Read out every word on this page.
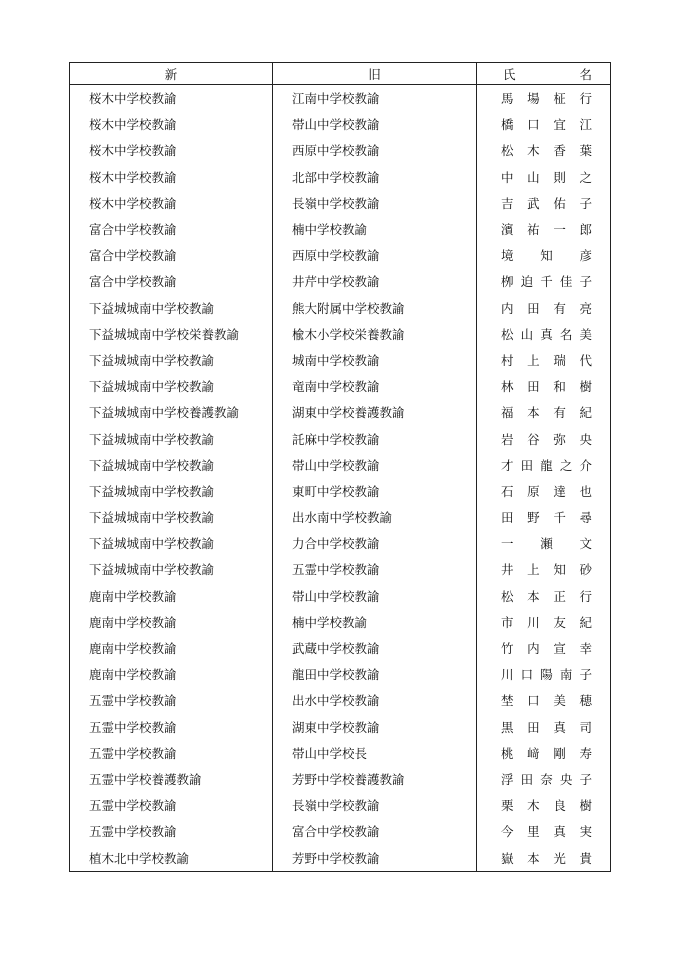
新	旧	氏 名

桜木中学校教諭	江南中学校教諭	馬 場 柾 行

桜木中学校教諭	帯山中学校教諭	橋 口 宜 江

桜木中学校教諭	西原中学校教諭	松 木 香 葉

桜木中学校教諭	北部中学校教諭	中 山 則 之

桜木中学校教諭	長嶺中学校教諭	吉 武 佑 子

富合中学校教諭	楠中学校教諭	濱 祐 一 郎

富合中学校教諭	西原中学校教諭	境 知 彦

富合中学校教諭	井芹中学校教諭	栁 迫 千 佳 子

下益城城南中学校教諭	熊大附属中学校教諭	内 田 有 亮

下益城城南中学校栄養教諭	楡木小学校栄養教諭	松 山 真 名 美

下益城城南中学校教諭	城南中学校教諭	村 上 瑞 代

下益城城南中学校教諭	竜南中学校教諭	林 田 和 樹

下益城城南中学校養護教諭	湖東中学校養護教諭	福 本 有 紀

下益城城南中学校教諭	託麻中学校教諭	岩 谷 弥 央

下益城城南中学校教諭	帯山中学校教諭	才 田 龍 之 介

下益城城南中学校教諭	東町中学校教諭	石 原 達 也

下益城城南中学校教諭	出水南中学校教諭	田 野 千 尋

下益城城南中学校教諭	力合中学校教諭	一 瀬 文

下益城城南中学校教諭	五霊中学校教諭	井 上 知 砂

鹿南中学校教諭	帯山中学校教諭	松 本 正 行

鹿南中学校教諭	楠中学校教諭	市 川 友 紀

鹿南中学校教諭	武蔵中学校教諭	竹 内 宣 幸

鹿南中学校教諭	龍田中学校教諭	川 口 陽 南 子

五霊中学校教諭	出水中学校教諭	埜 口 美 穂

五霊中学校教諭	湖東中学校教諭	黒 田 真 司

五霊中学校教諭	帯山中学校長	桃 﨑 剛 寿

五霊中学校養護教諭	芳野中学校養護教諭	浮 田 奈 央 子

五霊中学校教諭	長嶺中学校教諭	栗 木 良 樹

五霊中学校教諭	富合中学校教諭	今 里 真 実

植木北中学校教諭	芳野中学校教諭	嶽 本 光 貴
